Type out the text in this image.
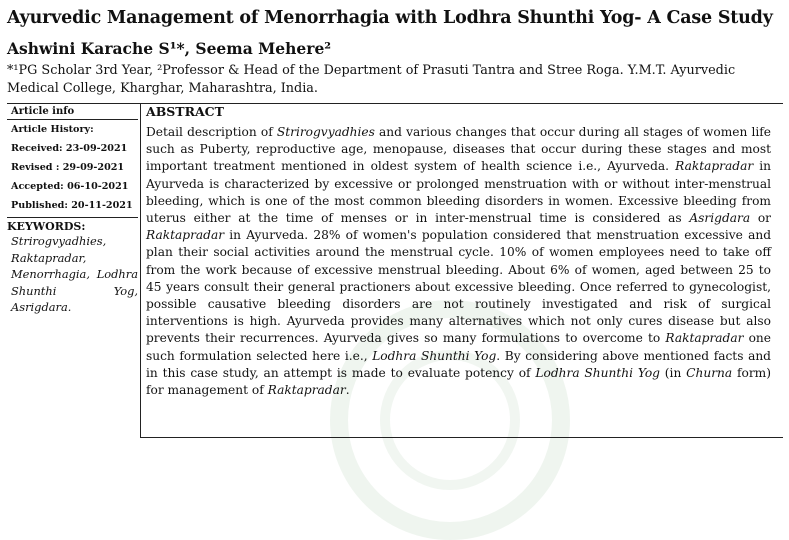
Ayurvedic Management of Menorrhagia with Lodhra Shunthi Yog- A Case Study
Ashwini Karache S¹*, Seema Mehere²
*¹PG Scholar 3rd Year, ²Professor & Head of the Department of Prasuti Tantra and Stree Roga. Y.M.T. Ayurvedic Medical College, Kharghar, Maharashtra, India.
Article info
Article History:
Received: 23-09-2021
Revised : 29-09-2021
Accepted: 06-10-2021
Published: 20-11-2021
KEYWORDS:
Strirogvyadhies, Raktapradar, Menorrhagia, Lodhra Shunthi Yog, Asrigdara.
ABSTRACT
Detail description of Strirogvyadhies and various changes that occur during all stages of women life such as Puberty, reproductive age, menopause, diseases that occur during these stages and most important treatment mentioned in oldest system of health science i.e., Ayurveda. Raktapradar in Ayurveda is characterized by excessive or prolonged menstruation with or without inter-menstrual bleeding, which is one of the most common bleeding disorders in women. Excessive bleeding from uterus either at the time of menses or in inter-menstrual time is considered as Asrigdara or Raktapradar in Ayurveda. 28% of women's population considered that menstruation excessive and plan their social activities around the menstrual cycle. 10% of women employees need to take off from the work because of excessive menstrual bleeding. About 6% of women, aged between 25 to 45 years consult their general practioners about excessive bleeding. Once referred to gynecologist, possible causative bleeding disorders are not routinely investigated and risk of surgical interventions is high. Ayurveda provides many alternatives which not only cures disease but also prevents their recurrences. Ayurveda gives so many formulations to overcome to Raktapradar one such formulation selected here i.e., Lodhra Shunthi Yog. By considering above mentioned facts and in this case study, an attempt is made to evaluate potency of Lodhra Shunthi Yog (in Churna form) for management of Raktapradar.
